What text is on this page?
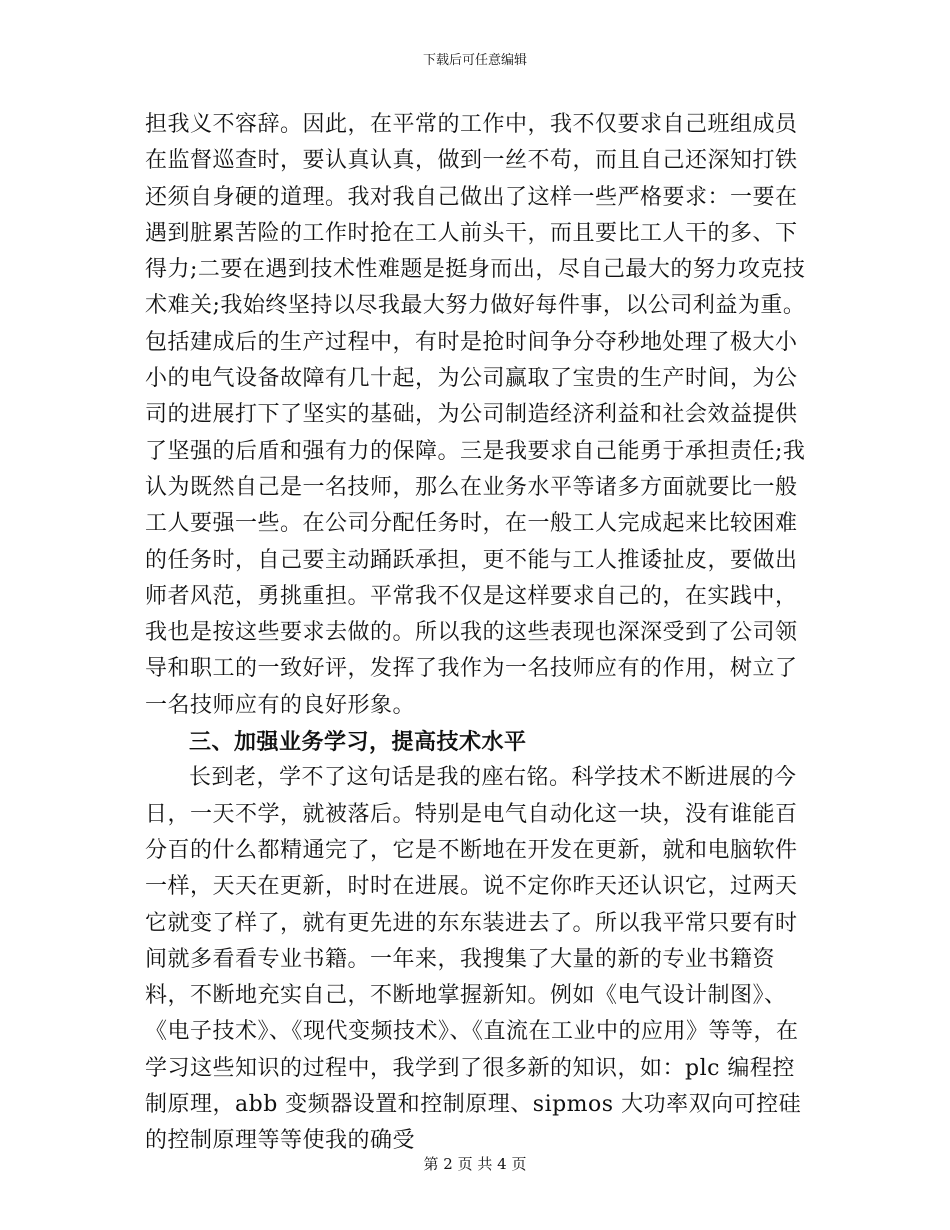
下载后可任意编辑

担我义不容辞。因此，在平常的工作中，我不仅要求自己班组成员在监督巡查时，要认真认真，做到一丝不苟，而且自己还深知打铁还须自身硬的道理。我对我自己做出了这样一些严格要求：一要在遇到脏累苦险的工作时抢在工人前头干，而且要比工人干的多、下得力;二要在遇到技术性难题是挺身而出，尽自己最大的努力攻克技术难关;我始终坚持以尽我最大努力做好每件事，以公司利益为重。包括建成后的生产过程中，有时是抢时间争分夺秒地处理了极大小小的电气设备故障有几十起，为公司赢取了宝贵的生产时间，为公司的进展打下了坚实的基础，为公司制造经济利益和社会效益提供了坚强的后盾和强有力的保障。三是我要求自己能勇于承担责任;我认为既然自己是一名技师，那么在业务水平等诸多方面就要比一般工人要强一些。在公司分配任务时，在一般工人完成起来比较困难的任务时，自己要主动踊跃承担，更不能与工人推诿扯皮，要做出师者风范，勇挑重担。平常我不仅是这样要求自己的，在实践中，我也是按这些要求去做的。所以我的这些表现也深深受到了公司领导和职工的一致好评，发挥了我作为一名技师应有的作用，树立了一名技师应有的良好形象。

三、加强业务学习，提高技术水平

长到老，学不了这句话是我的座右铭。科学技术不断进展的今日，一天不学，就被落后。特别是电气自动化这一块，没有谁能百分百的什么都精通完了，它是不断地在开发在更新，就和电脑软件一样，天天在更新，时时在进展。说不定你昨天还认识它，过两天它就变了样了，就有更先进的东东装进去了。所以我平常只要有时间就多看看专业书籍。一年来，我搜集了大量的新的专业书籍资料，不断地充实自己，不断地掌握新知。例如《电气设计制图》、《电子技术》、《现代变频技术》、《直流在工业中的应用》等等，在学习这些知识的过程中，我学到了很多新的知识，如：plc 编程控制原理，abb 变频器设置和控制原理、sipmos 大功率双向可控硅的控制原理等等使我的确受

第 2 页 共 4 页
